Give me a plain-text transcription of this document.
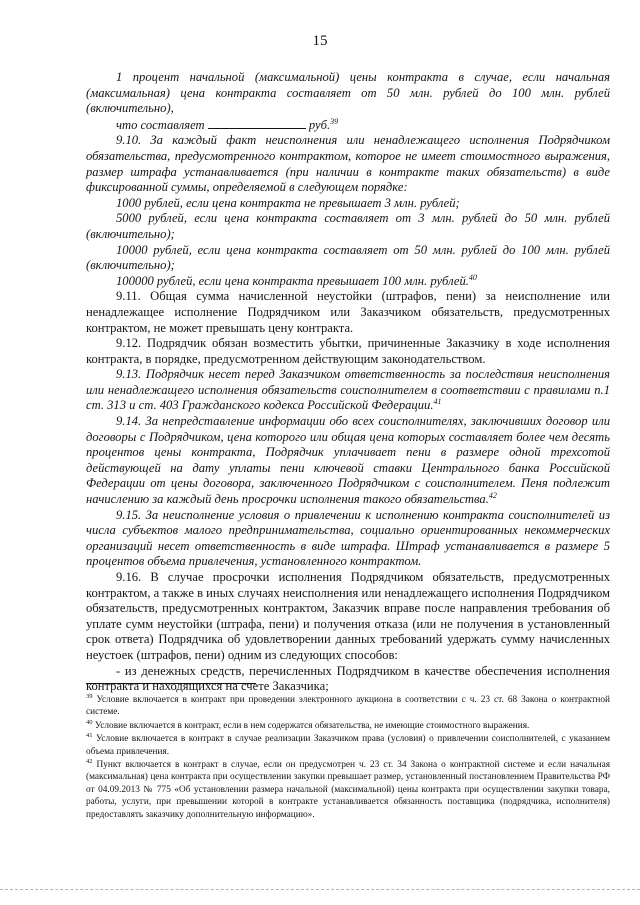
15

1 процент начальной (максимальной) цены контракта в случае, если начальная (максимальная) цена контракта составляет от 50 млн. рублей до 100 млн. рублей (включительно),

что составляет	руб.$^{39}$

9.10. За каждый факт неисполнения или ненадлежащего исполнения Подрядчиком обязательства, предусмотренного контрактом, которое не имеет стоимостного выражения, размер штрафа устанавливается (при наличии в контракте таких обязательств) в виде фиксированной суммы, определяемой в следующем порядке:

1000 рублей, если цена контракта не превышает 3 млн. рублей;

5000 рублей, если цена контракта составляет от 3 млн. рублей до 50 млн. рублей (включительно);

10000 рублей, если цена контракта составляет от 50 млн. рублей до 100 млн. рублей (включительно);

100000 рублей, если цена контракта превышает 100 млн. рублей.$^{40}$

9.11. Общая сумма начисленной неустойки (штрафов, пени) за неисполнение или ненадлежащее исполнение Подрядчиком или Заказчиком обязательств, предусмотренных контрактом, не может превышать цену контракта.

9.12. Подрядчик обязан возместить убытки, причиненные Заказчику в ходе исполнения контракта, в порядке, предусмотренном действующим законодательством.

9.13. Подрядчик несет перед Заказчиком ответственность за последствия неисполнения или ненадлежащего исполнения обязательств соисполнителем в соответствии с правилами п.1 ст. 313 и ст. 403 Гражданского кодекса Российской Федерации.$^{41}$

9.14. За непредставление информации обо всех соисполнителях, заключивших договор или договоры с Подрядчиком, цена которого или общая цена которых составляет более чем десять процентов цены контракта, Подрядчик уплачивает пени в размере одной трехсотой действующей на дату уплаты пени ключевой ставки Центрального банка Российской Федерации от цены договора, заключенного Подрядчиком с соисполнителем. Пеня подлежит начислению за каждый день просрочки исполнения такого обязательства.$^{42}$

9.15. За неисполнение условия о привлечении к исполнению контракта соисполнителей из числа субъектов малого предпринимательства, социально ориентированных некоммерческих организаций несет ответственность в виде штрафа. Штраф устанавливается в размере 5 процентов объема привлечения, установленного контрактом.

9.16. В случае просрочки исполнения Подрядчиком обязательств, предусмотренных контрактом, а также в иных случаях неисполнения или ненадлежащего исполнения Подрядчиком обязательств, предусмотренных контрактом, Заказчик вправе после направления требования об уплате сумм неустойки (штрафа, пени) и получения отказа (или не получения в установленный срок ответа) Подрядчика об удовлетворении данных требований удержать сумму начисленных неустоек (штрафов, пени) одним из следующих способов:

- из денежных средств, перечисленных Подрядчиком в качестве обеспечения исполнения контракта и находящихся на счете Заказчика;

$^{39}$ Условие включается в контракт при проведении электронного аукциона в соответствии с ч. 23 ст. 68 Закона о контрактной системе.

$^{40}$ Условие включается в контракт, если в нем содержатся обязательства, не имеющие стоимостного выражения.

$^{41}$ Условие включается в контракт в случае реализации Заказчиком права (условия) о привлечении соисполнителей, с указанием объема привлечения.

$^{42}$ Пункт включается в контракт в случае, если он предусмотрен ч. 23 ст. 34 Закона о контрактной системе и если начальная (максимальная) цена контракта при осуществлении закупки превышает размер, установленный постановлением Правительства РФ от 04.09.2013 № 775 «Об установлении размера начальной (максимальной) цены контракта при осуществлении закупки товара, работы, услуги, при превышении которой в контракте устанавливается обязанность поставщика (подрядчика, исполнителя) предоставлять заказчику дополнительную информацию».
